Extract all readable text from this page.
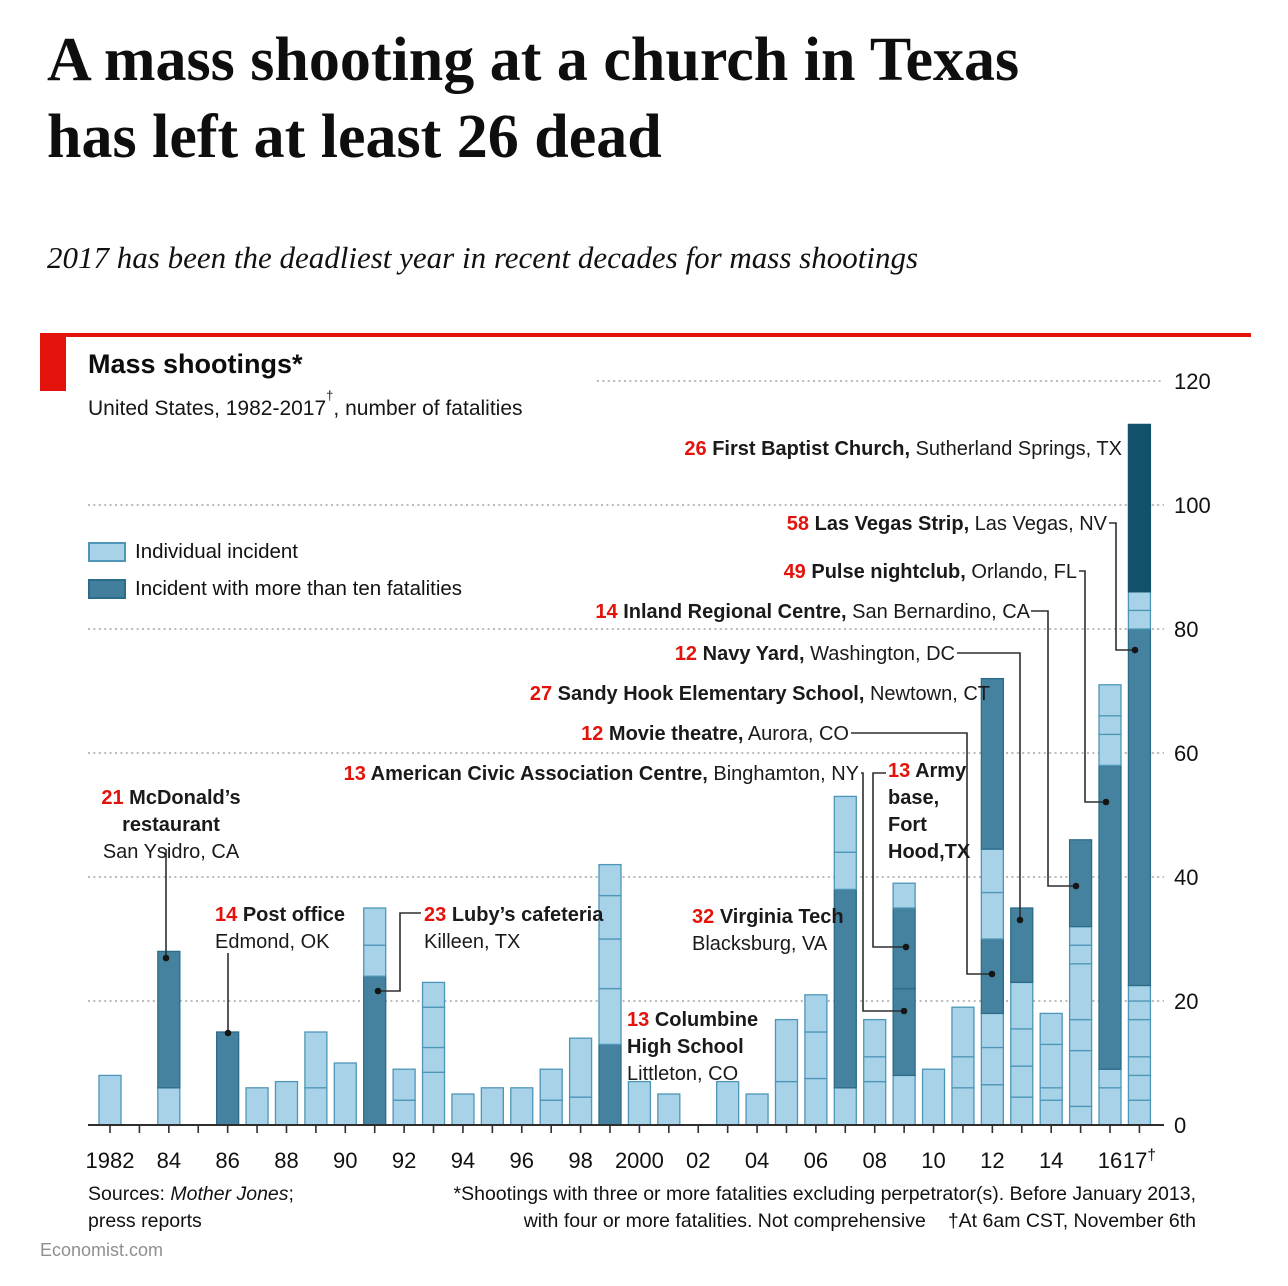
A mass shooting at a church in Texas
has left at least 26 dead
2017 has been the deadliest year in recent decades for mass shootings
Mass shootings*
United States, 1982-2017†, number of fatalities
Individual incident
Incident with more than ten fatalities
0
20
40
60
80
100
120
1982 84 86 88 90 92 94 96 98 2000 02 04 06 08 10 12 14 16 17†
26 First Baptist Church, Sutherland Springs, TX
58 Las Vegas Strip, Las Vegas, NV
49 Pulse nightclub, Orlando, FL
14 Inland Regional Centre, San Bernardino, CA
12 Navy Yard, Washington, DC
27 Sandy Hook Elementary School, Newtown, CT
12 Movie theatre, Aurora, CO
13 American Civic Association Centre, Binghamton, NY 13 Army
base,
Fort
Hood,TX
21 McDonald’s
restaurant
San Ysidro, CA
14 Post office
Edmond, OK
23 Luby’s cafeteria
Killeen, TX
13 Columbine
High School
Littleton, CO
32 Virginia Tech
Blacksburg, VA
Sources: Mother Jones;
press reports
*Shootings with three or more fatalities excluding perpetrator(s). Before January 2013,
with four or more fatalities. Not comprehensive †At 6am CST, November 6th
Economist.com
